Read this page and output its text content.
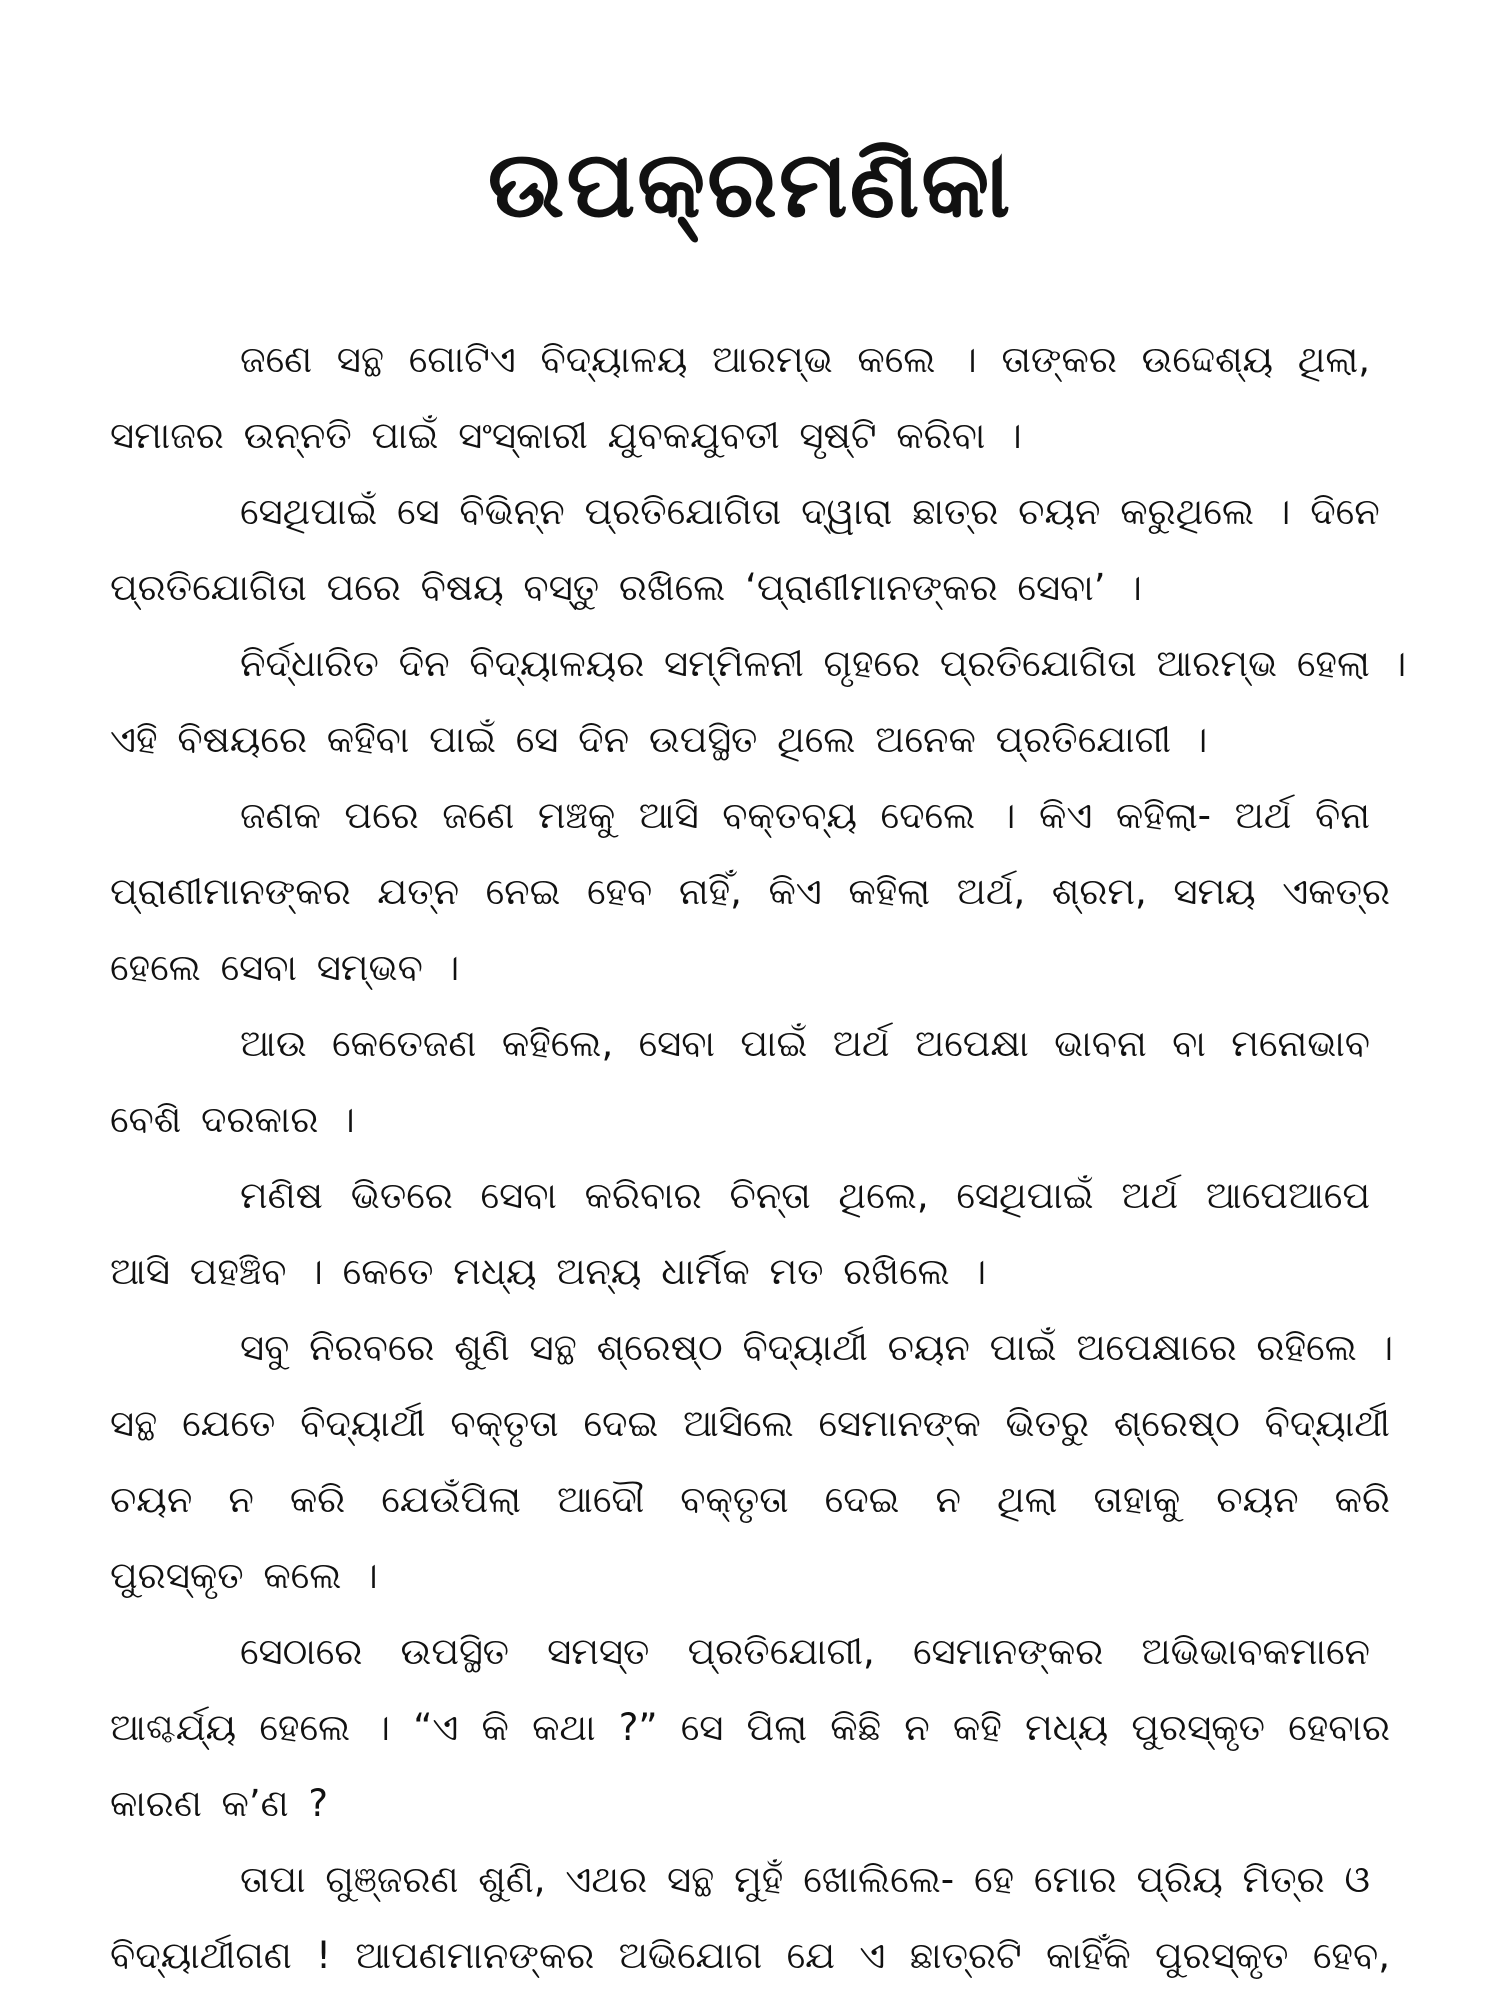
ଉପକ୍ରମଣିକା
ଜଣେ ସନ୍ଥ ଗୋଟିଏ ବିଦ୍ୟାଳୟ ଆରମ୍ଭ କଲେ । ତାଙ୍କର ଉଦ୍ଦେଶ୍ୟ ଥିଲା,
ସମାଜର ଉନ୍ନତି ପାଇଁ ସଂସ୍କାରୀ ଯୁବକଯୁବତୀ ସୃଷ୍ଟି କରିବା ।
ସେଥିପାଇଁ ସେ ବିଭିନ୍ନ ପ୍ରତିଯୋଗିତା ଦ୍ୱାରା ଛାତ୍ର ଚୟନ କରୁଥିଲେ । ଦିନେ
ପ୍ରତିଯୋଗିତା ପରେ ବିଷୟ ବସ୍ତୁ ରଖିଲେ ‘ପ୍ରାଣୀମାନଙ୍କର ସେବା’ ।
ନିର୍ଦ୍ଧାରିତ ଦିନ ବିଦ୍ୟାଳୟର ସମ୍ମିଳନୀ ଗୃହରେ ପ୍ରତିଯୋଗିତା ଆରମ୍ଭ ହେଲା ।
ଏହି ବିଷୟରେ କହିବା ପାଇଁ ସେ ଦିନ ଉପସ୍ଥିତ ଥିଲେ ଅନେକ ପ୍ରତିଯୋଗୀ ।
ଜଣକ ପରେ ଜଣେ ମଞ୍ଚକୁ ଆସି ବକ୍ତବ୍ୟ ଦେଲେ । କିଏ କହିଲା- ଅର୍ଥ ବିନା
ପ୍ରାଣୀମାନଙ୍କର ଯତ୍ନ ନେଇ ହେବ ନାହିଁ, କିଏ କହିଲା ଅର୍ଥ, ଶ୍ରମ, ସମୟ ଏକତ୍ର
ହେଲେ ସେବା ସମ୍ଭବ ।
ଆଉ କେତେଜଣ କହିଲେ, ସେବା ପାଇଁ ଅର୍ଥ ଅପେକ୍ଷା ଭାବନା ବା ମନୋଭାବ
ବେଶି ଦରକାର ।
ମଣିଷ ଭିତରେ ସେବା କରିବାର ଚିନ୍ତା ଥିଲେ, ସେଥିପାଇଁ ଅର୍ଥ ଆପେଆପେ
ଆସି ପହଞ୍ଚିବ । କେତେ ମଧ୍ୟ ଅନ୍ୟ ଧାର୍ମିକ ମତ ରଖିଲେ ।
ସବୁ ନିରବରେ ଶୁଣି ସନ୍ଥ ଶ୍ରେଷ୍ଠ ବିଦ୍ୟାର୍ଥୀ ଚୟନ ପାଇଁ ଅପେକ୍ଷାରେ ରହିଲେ ।
ସନ୍ଥ ଯେତେ ବିଦ୍ୟାର୍ଥୀ ବକ୍ତୃତା ଦେଇ ଆସିଲେ ସେମାନଙ୍କ ଭିତରୁ ଶ୍ରେଷ୍ଠ ବିଦ୍ୟାର୍ଥୀ
ଚୟନ ନ କରି ଯେଉଁପିଲା ଆଦୌ ବକ୍ତୃତା ଦେଇ ନ ଥିଲା ତାହାକୁ ଚୟନ କରି
ପୁରସ୍କୃତ କଲେ ।
ସେଠାରେ ଉପସ୍ଥିତ ସମସ୍ତ ପ୍ରତିଯୋଗୀ, ସେମାନଙ୍କର ଅଭିଭାବକମାନେ
ଆଶ୍ଚର୍ଯ୍ୟ ହେଲେ । “ଏ କି କଥା ?” ସେ ପିଲା କିଛି ନ କହି ମଧ୍ୟ ପୁରସ୍କୃତ ହେବାର
କାରଣ କ’ଣ ?
ତାପା ଗୁଞ୍ଜରଣ ଶୁଣି, ଏଥର ସନ୍ଥ ମୁହଁ ଖୋଲିଲେ- ହେ ମୋର ପ୍ରିୟ ମିତ୍ର ଓ
ବିଦ୍ୟାର୍ଥୀଗଣ ! ଆପଣମାନଙ୍କର ଅଭିଯୋଗ ଯେ ଏ ଛାତ୍ରଟି କାହିଁକି ପୁରସ୍କୃତ ହେବ,
